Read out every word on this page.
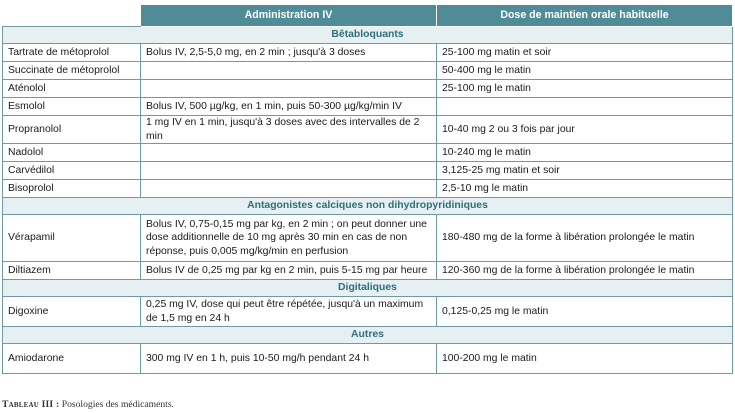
	Administration IV	Dose de maintien orale habituelle
Bêtabloquants		
Tartrate de métoprolol	Bolus IV, 2,5-5,0 mg, en 2 min ; jusqu'à 3 doses	25-100 mg matin et soir
Succinate de métoprolol		50-400 mg le matin
Aténolol		25-100 mg le matin
Esmolol	Bolus IV, 500 µg/kg, en 1 min, puis 50-300 µg/kg/min IV	
Propranolol	1 mg IV en 1 min, jusqu'à 3 doses avec des intervalles de 2 min	10-40 mg 2 ou 3 fois par jour
Nadolol		10-240 mg le matin
Carvédilol		3,125-25 mg matin et soir
Bisoprolol		2,5-10 mg le matin
Antagonistes calciques non dihydropyridiniques		
Vérapamil	Bolus IV, 0,75-0,15 mg par kg, en 2 min ; on peut donner une dose additionnelle de 10 mg après 30 min en cas de non réponse, puis 0,005 mg/kg/min en perfusion	180-480 mg de la forme à libération prolongée le matin
Diltiazem	Bolus IV de 0,25 mg par kg en 2 min, puis 5-15 mg par heure	120-360 mg de la forme à libération prolongée le matin
Digitaliques		
Digoxine	0,25 mg IV, dose qui peut être répétée, jusqu'à un maximum de 1,5 mg en 24 h	0,125-0,25 mg le matin
Autres		
Amiodarone	300 mg IV en 1 h, puis 10-50 mg/h pendant 24 h	100-200 mg le matin
Tableau III : Posologies des médicaments.
